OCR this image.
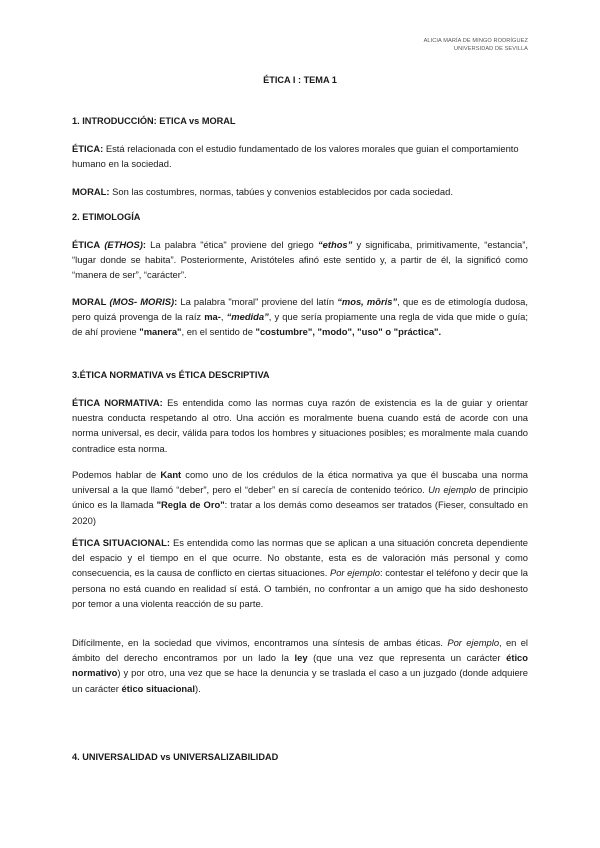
ALICIA MARÍA DE MINGO RODRÍGUEZ
UNIVERSIDAD DE SEVILLA
ÉTICA I : TEMA 1
1. INTRODUCCIÓN: ETICA vs MORAL
ÉTICA: Está relacionada con el estudio fundamentado de los valores morales que guian el comportamiento humano en la sociedad.
MORAL: Son las costumbres, normas, tabúes y convenios establecidos por cada sociedad.
2. ETIMOLOGÍA
ÉTICA (ETHOS): La palabra "ética" proviene del griego “ethos” y significaba, primitivamente, “estancia”, “lugar donde se habita”. Posteriormente, Aristóteles afinó este sentido y, a partir de él, la significó como “manera de ser”, “carácter”.
MORAL (MOS- MORIS): La palabra "moral" proviene del latín “mos, mōris”, que es de etimología dudosa, pero quizá provenga de la raíz ma-, “medida”, y que sería propiamente una regla de vida que mide o guía; de ahí proviene "manera", en el sentido de "costumbre", "modo", "uso" o "práctica".
3.ÉTICA NORMATIVA vs ÉTICA DESCRIPTIVA
ÉTICA NORMATIVA: Es entendida como las normas cuya razón de existencia es la de guiar y orientar nuestra conducta respetando al otro. Una acción es moralmente buena cuando está de acorde con una norma universal, es decir, válida para todos los hombres y situaciones posibles; es moralmente mala cuando contradice esta norma.
Podemos hablar de Kant como uno de los crédulos de la ética normativa ya que él buscaba una norma universal a la que llamó “deber”, pero el “deber” en sí carecía de contenido teórico. Un ejemplo de principio único es la llamada "Regla de Oro": tratar a los demás como deseamos ser tratados (Fieser, consultado en 2020)
ÉTICA SITUACIONAL: Es entendida como las normas que se aplican a una situación concreta dependiente del espacio y el tiempo en el que ocurre. No obstante, esta es de valoración más personal y como consecuencia, es la causa de conflicto en ciertas situaciones. Por ejemplo: contestar el teléfono y decir que la persona no está cuando en realidad sí está. O también, no confrontar a un amigo que ha sido deshonesto por temor a una violenta reacción de su parte.
Difícilmente, en la sociedad que vivimos, encontramos una síntesis de ambas éticas. Por ejemplo, en el ámbito del derecho encontramos por un lado la ley (que una vez que representa un carácter ético normativo) y por otro, una vez que se hace la denuncia y se traslada el caso a un juzgado (donde adquiere un carácter ético situacional).
4. UNIVERSALIDAD vs UNIVERSALIZABILIDAD
